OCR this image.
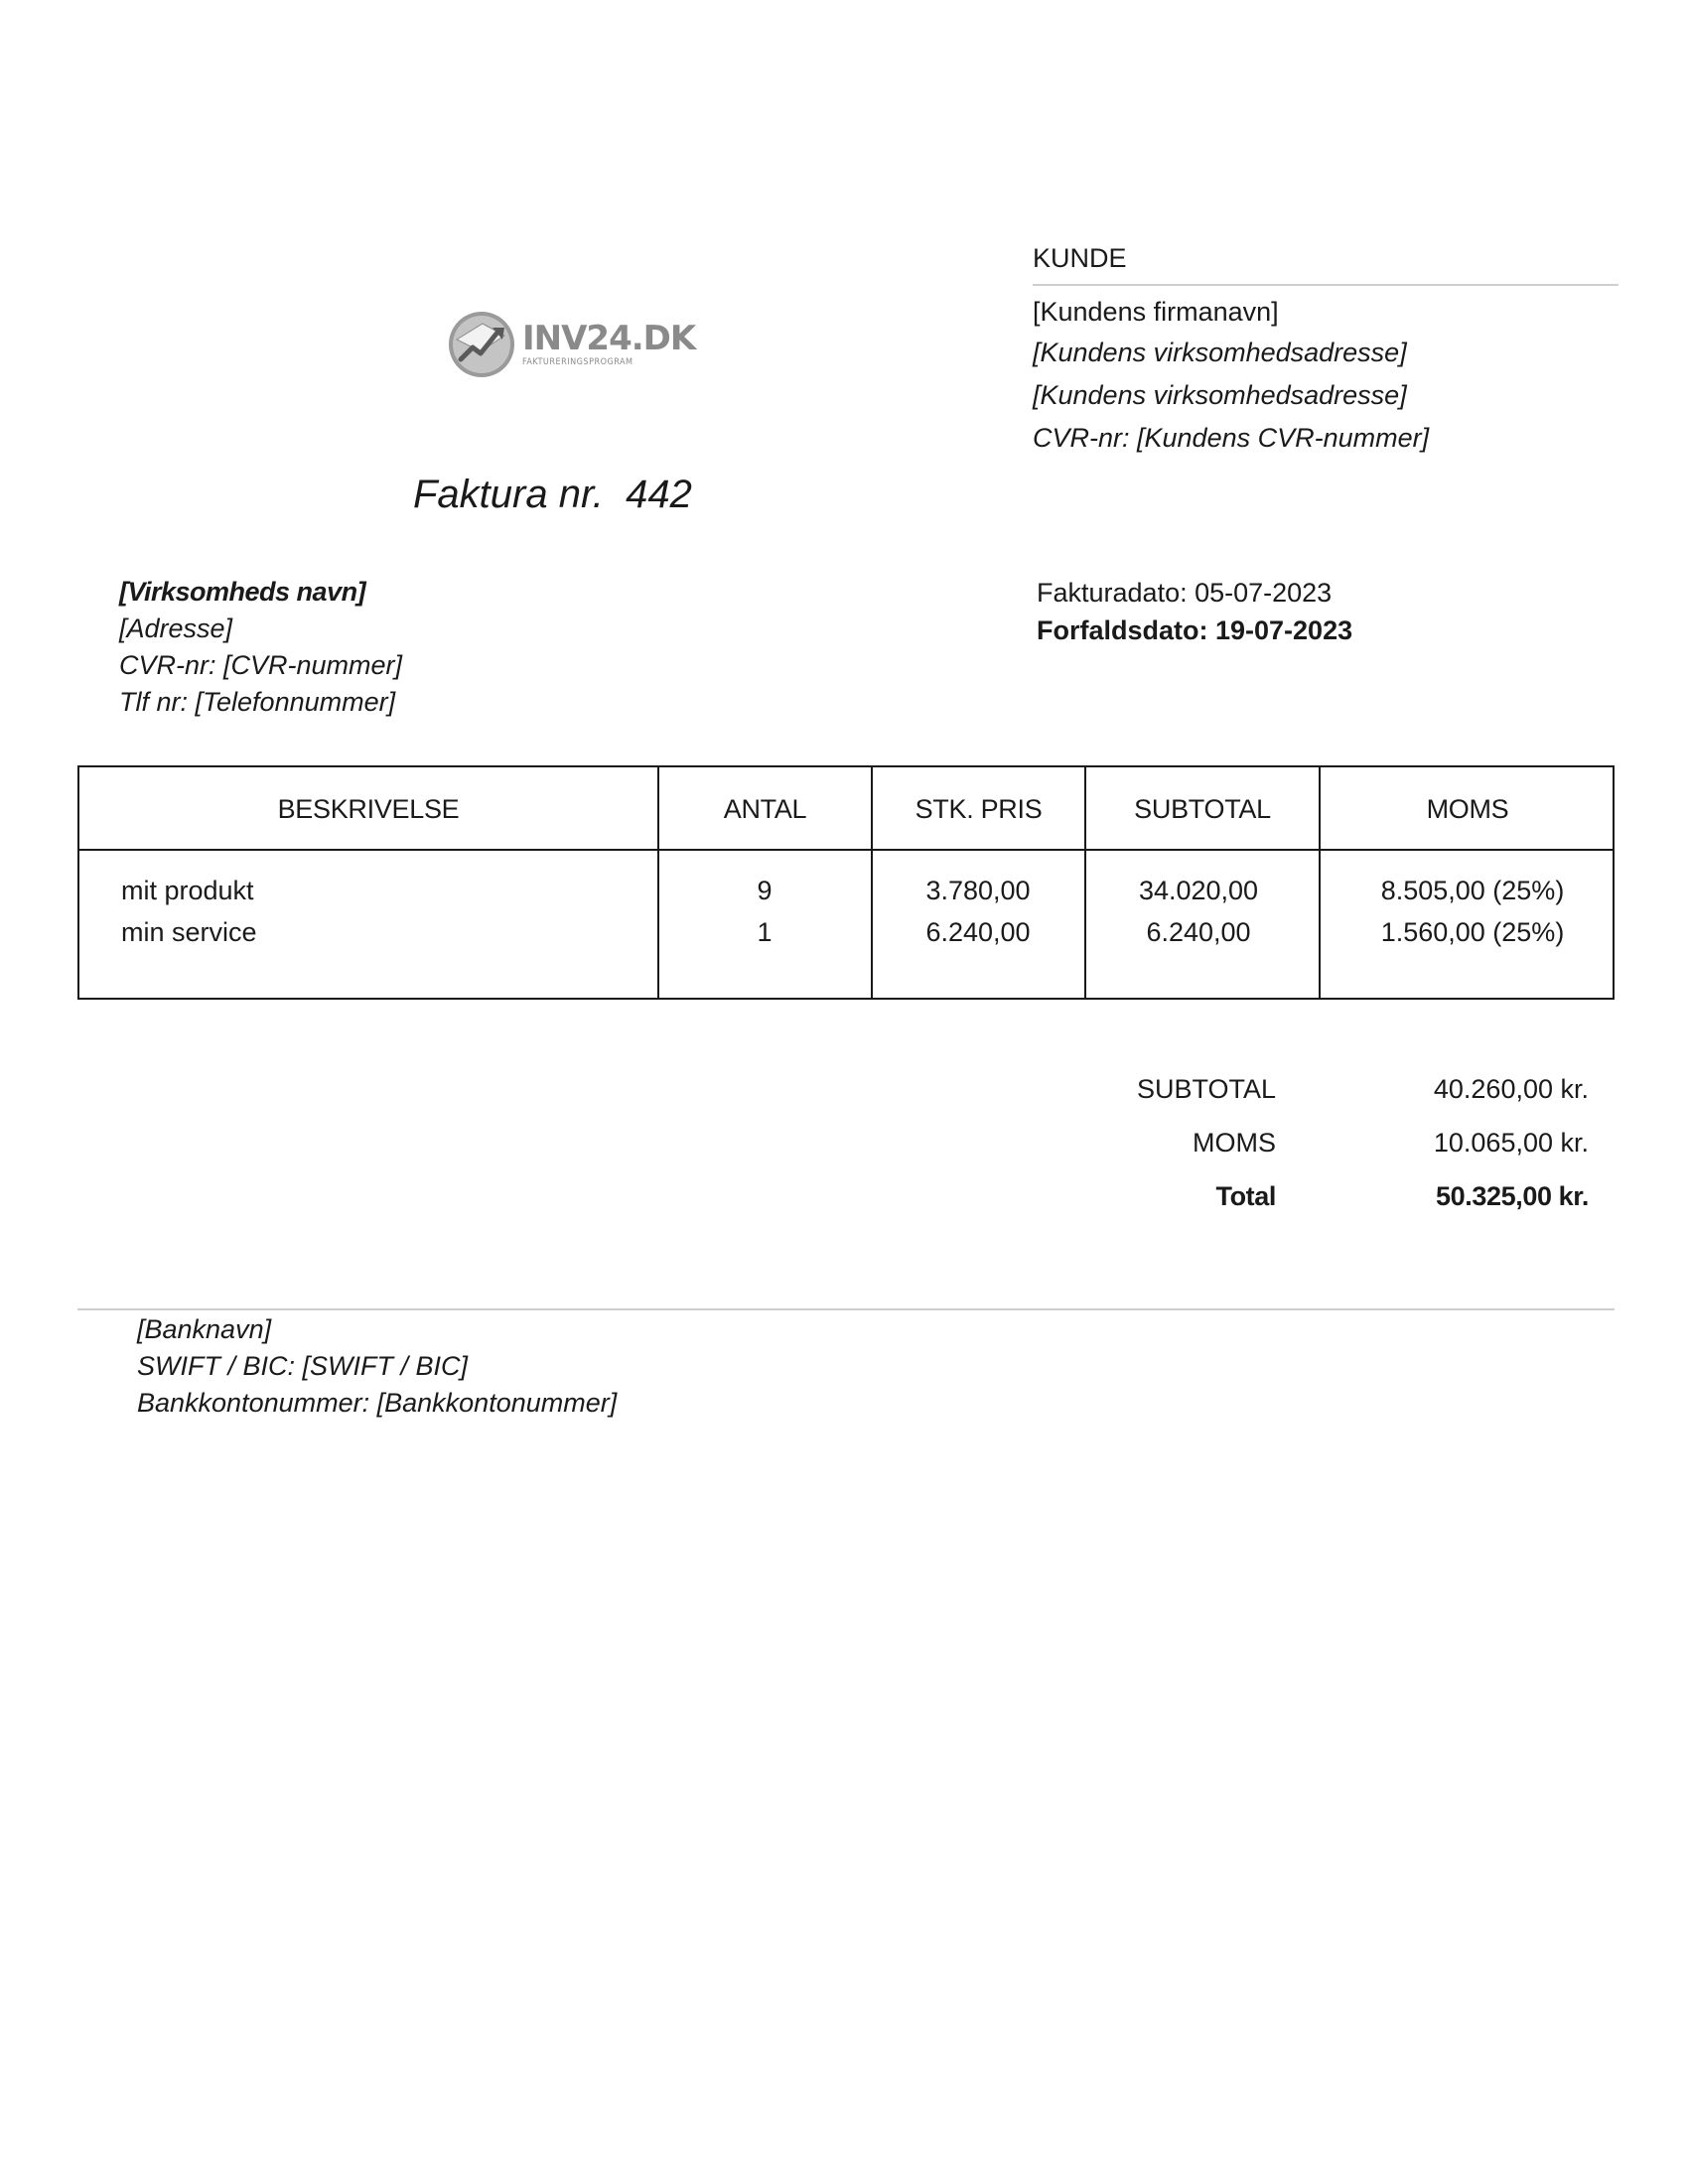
INV24.DK
FAKTURERINGSPROGRAM
KUNDE
[Kundens firmanavn]
[Kundens virksomhedsadresse]
[Kundens virksomhedsadresse]
CVR-nr: [Kundens CVR-nummer]
Faktura nr.  442
[Virksomheds navn]
[Adresse]
CVR-nr: [CVR-nummer]
Tlf nr: [Telefonnummer]
Fakturadato: 05-07-2023
Forfaldsdato: 19-07-2023
BESKRIVELSE	ANTAL	STK. PRIS	SUBTOTAL	MOMS
mit produkt	9	3.780,00	34.020,00	8.505,00 (25%)
min service	1	6.240,00	6.240,00	1.560,00 (25%)
SUBTOTAL	40.260,00 kr.
MOMS	10.065,00 kr.
Total	50.325,00 kr.
[Banknavn]
SWIFT / BIC: [SWIFT / BIC]
Bankkontonummer: [Bankkontonummer]
